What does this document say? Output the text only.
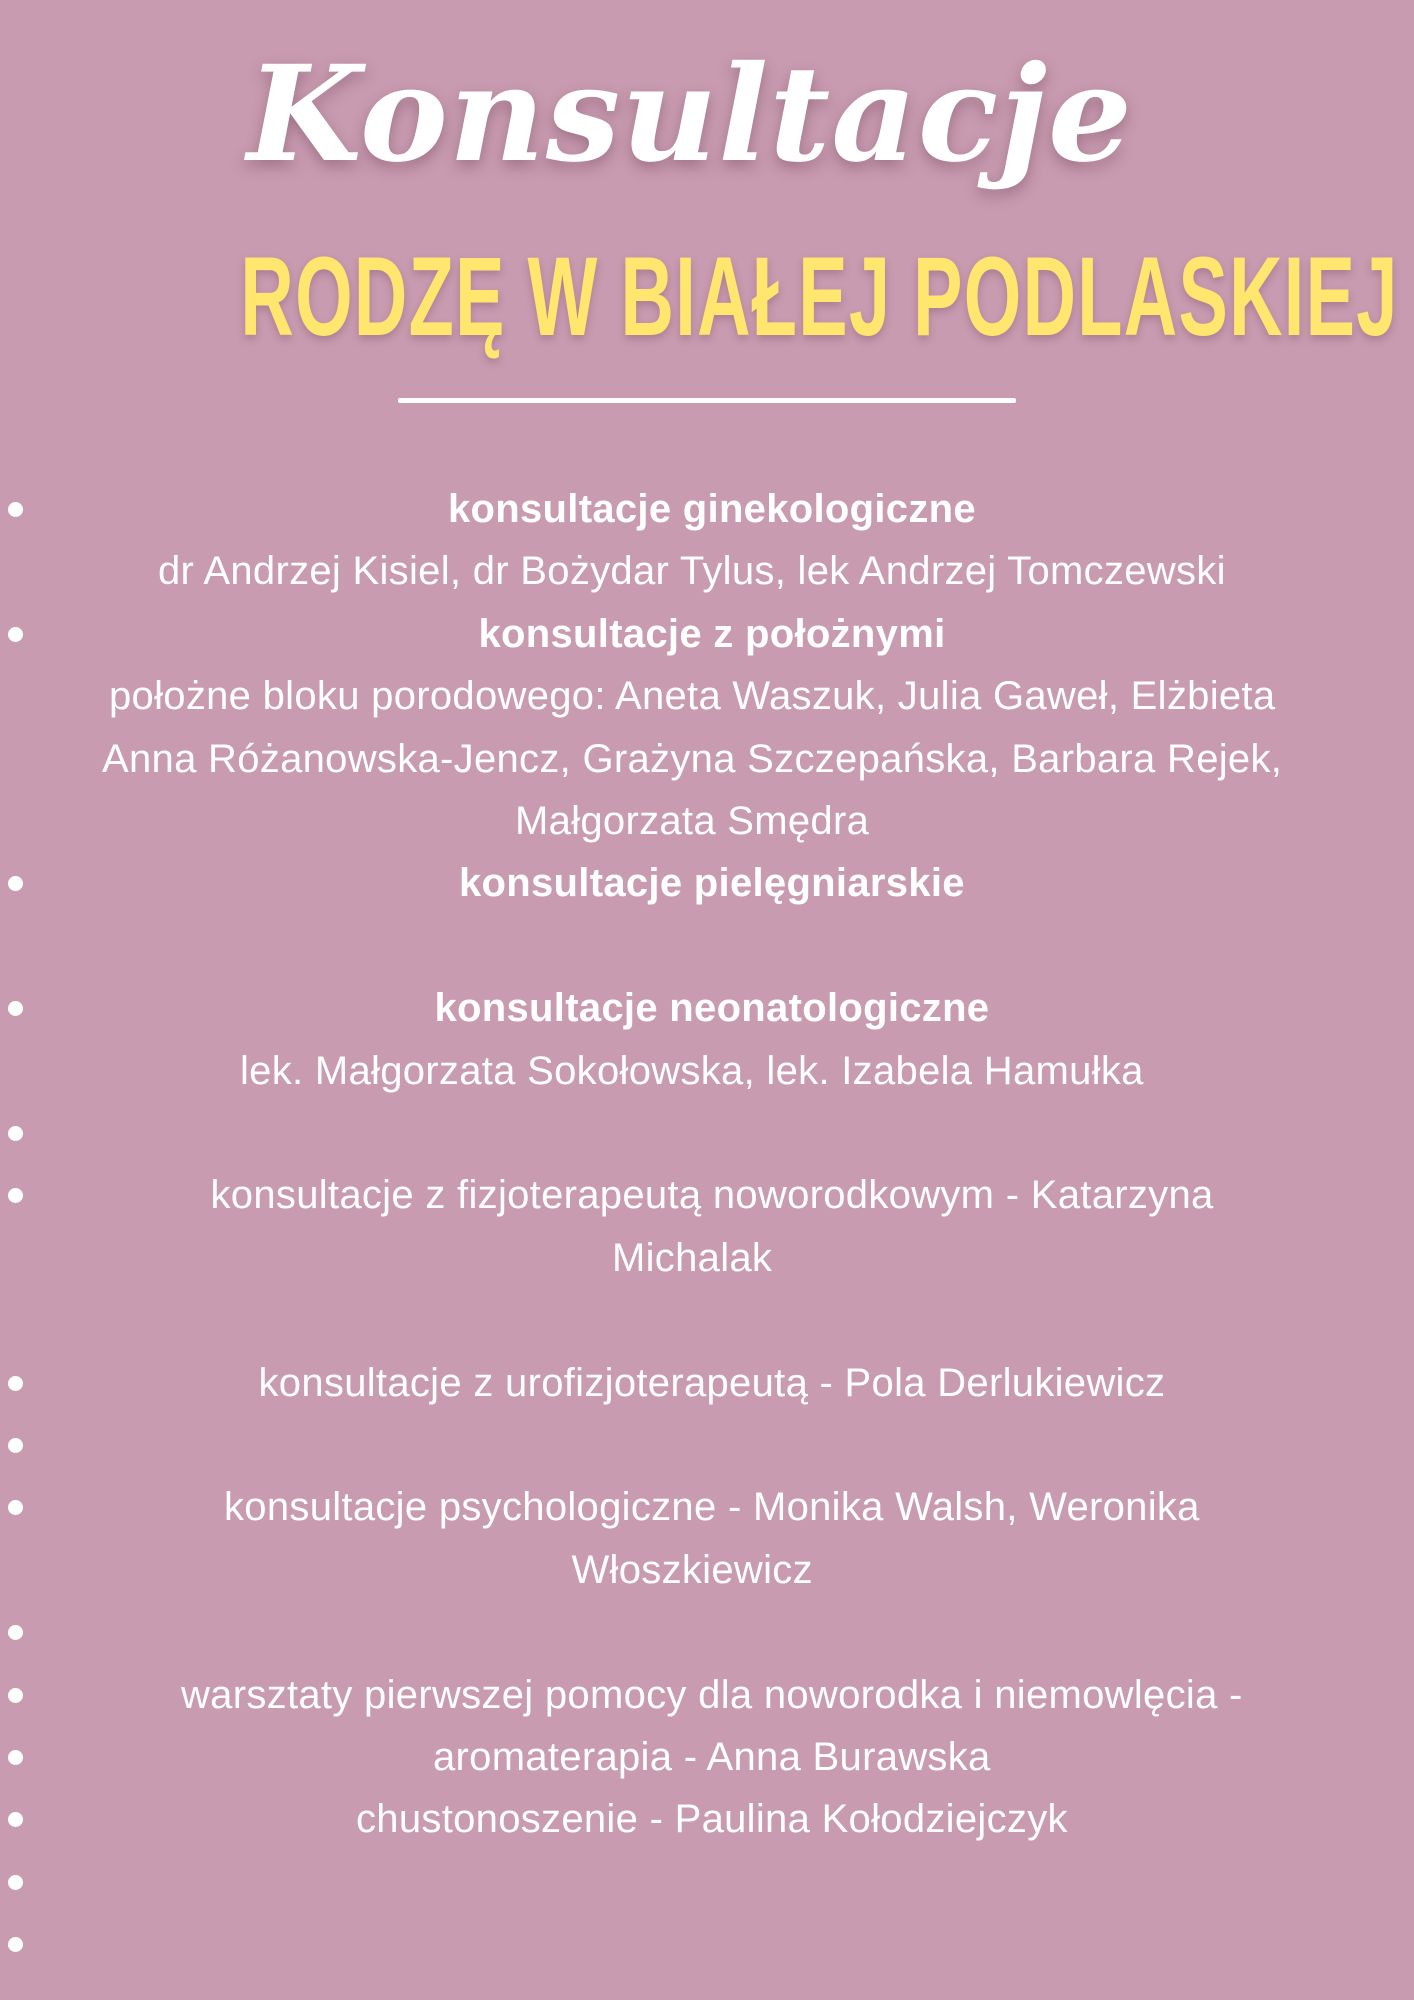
Konsultacje
RODZĘ W BIAŁEJ PODLASKIEJ
konsultacje ginekologiczne
dr Andrzej Kisiel, dr Bożydar Tylus, lek Andrzej Tomczewski
konsultacje z położnymi
położne bloku porodowego: Aneta Waszuk, Julia Gaweł, Elżbieta
Anna Różanowska-Jencz, Grażyna Szczepańska, Barbara Rejek,
Małgorzata Smędra
konsultacje pielęgniarskie
konsultacje neonatologiczne
lek. Małgorzata Sokołowska, lek. Izabela Hamułka
konsultacje z fizjoterapeutą noworodkowym - Katarzyna
Michalak
konsultacje z urofizjoterapeutą - Pola Derlukiewicz
konsultacje psychologiczne - Monika Walsh, Weronika
Włoszkiewicz
warsztaty pierwszej pomocy dla noworodka i niemowlęcia -
aromaterapia - Anna Burawska
chustonoszenie - Paulina Kołodziejczyk
